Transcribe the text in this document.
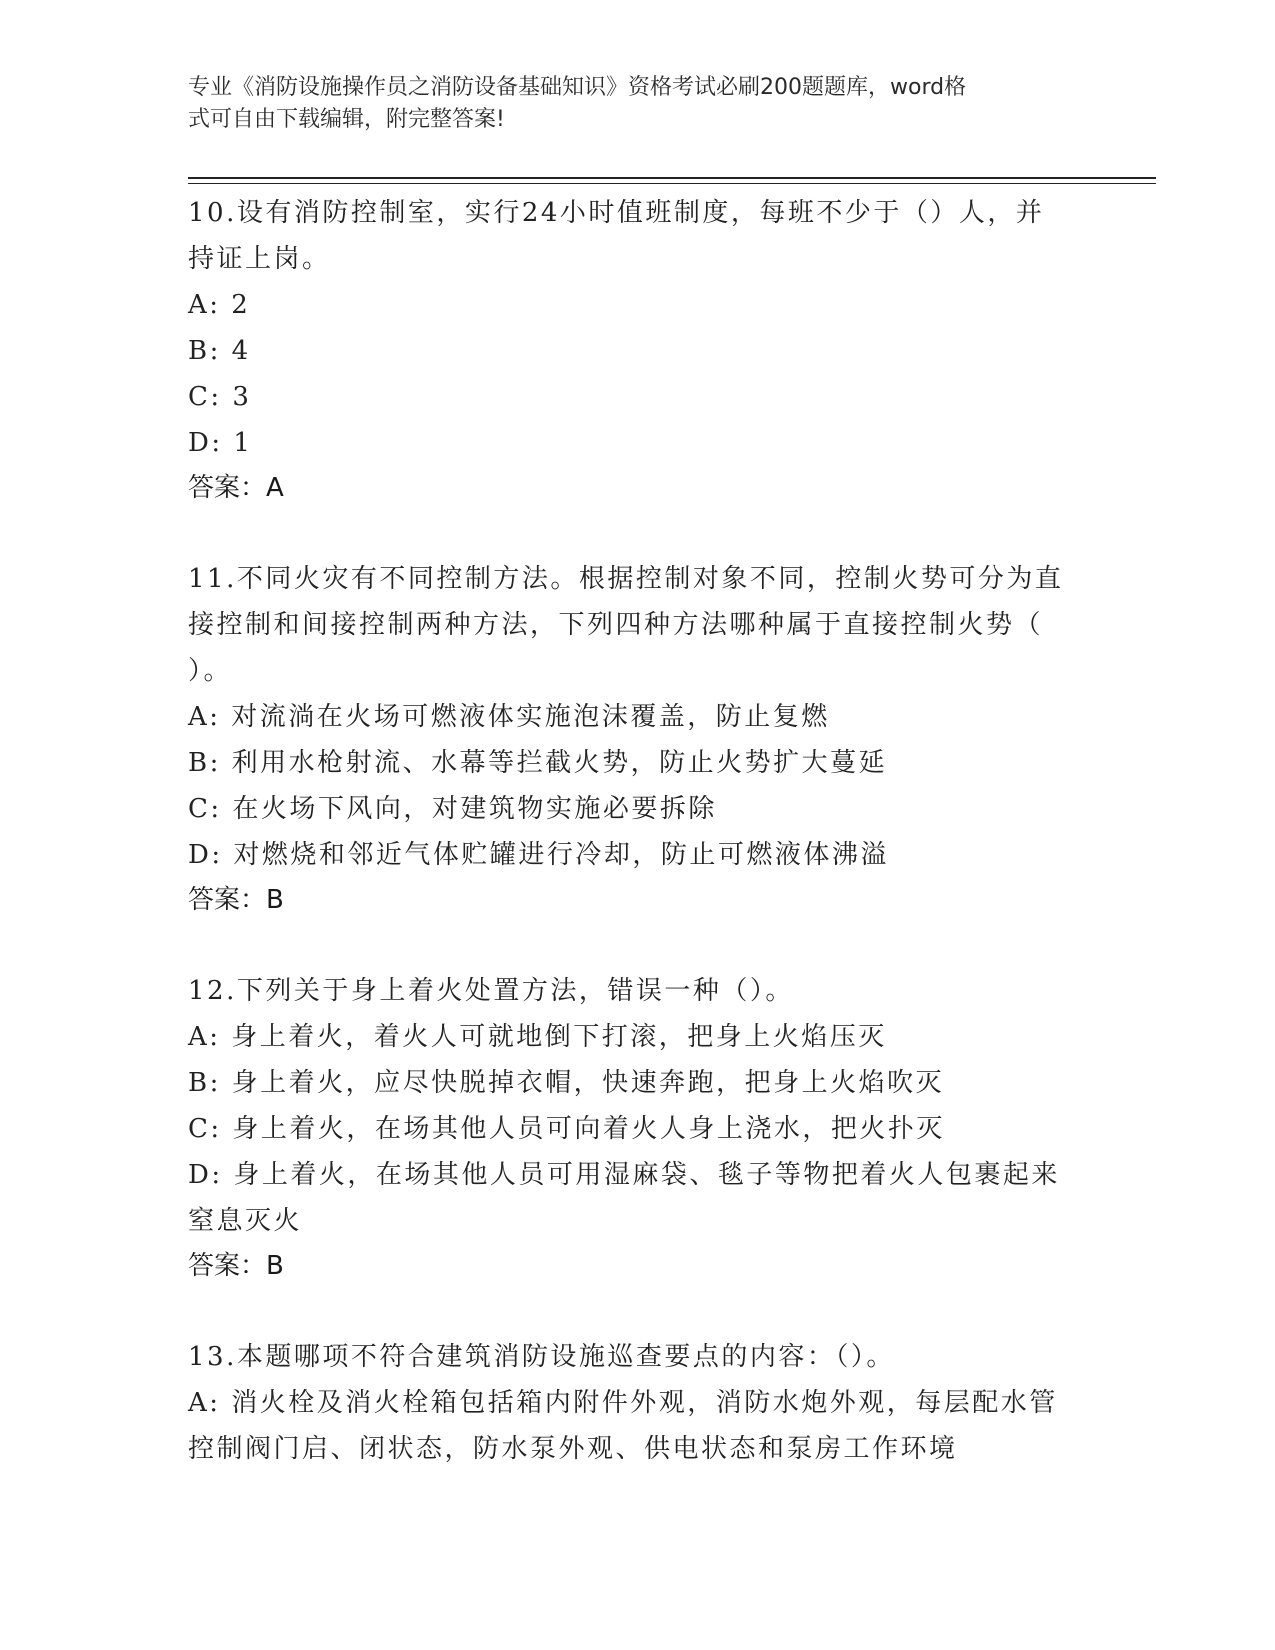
专业《消防设施操作员之消防设备基础知识》资格考试必刷200题题库，word格
式可自由下载编辑，附完整答案!
10.设有消防控制室，实行24小时值班制度，每班不少于（）人，并
持证上岗。
A: 2
B: 4
C: 3
D: 1
答案：A
11.不同火灾有不同控制方法。根据控制对象不同，控制火势可分为直
接控制和间接控制两种方法，下列四种方法哪种属于直接控制火势（
）。
A: 对流淌在火场可燃液体实施泡沫覆盖，防止复燃
B: 利用水枪射流、水幕等拦截火势，防止火势扩大蔓延
C: 在火场下风向，对建筑物实施必要拆除
D: 对燃烧和邻近气体贮罐进行冷却，防止可燃液体沸溢
答案：B
12.下列关于身上着火处置方法，错误一种（）。
A: 身上着火，着火人可就地倒下打滚，把身上火焰压灭
B: 身上着火，应尽快脱掉衣帽，快速奔跑，把身上火焰吹灭
C: 身上着火，在场其他人员可向着火人身上浇水，把火扑灭
D: 身上着火，在场其他人员可用湿麻袋、毯子等物把着火人包裹起来
窒息灭火
答案：B
13.本题哪项不符合建筑消防设施巡查要点的内容：（）。
A: 消火栓及消火栓箱包括箱内附件外观，消防水炮外观，每层配水管
控制阀门启、闭状态，防水泵外观、供电状态和泵房工作环境
